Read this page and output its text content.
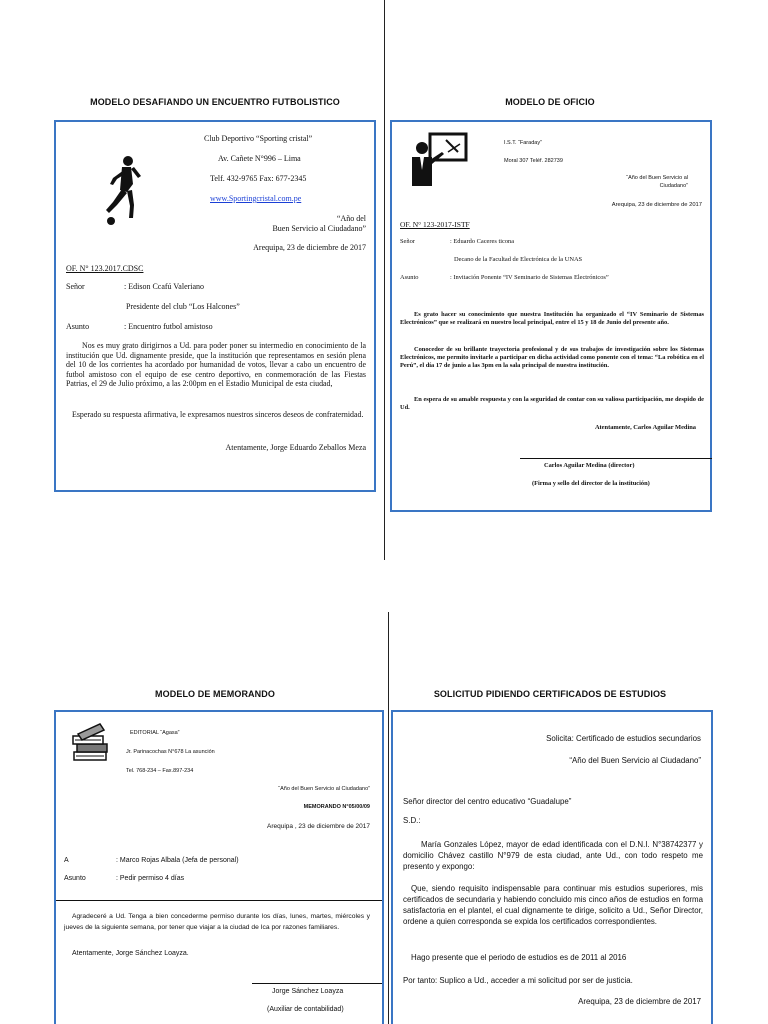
MODELO DESAFIANDO UN ENCUENTRO FUTBOLISTICO	MODELO DE OFICIO
MODELO DE MEMORANDO	SOLICITUD PIDIENDO CERTIFICADOS DE ESTUDIOS
Club Deportivo “Sporting cristal”
Av. Cañete N°996 – Lima
Telf. 432-9765 Fax: 677-2345
www.Sportingcristal.com.pe
“Año del
Buen Servicio al Ciudadano”
Arequipa, 23 de diciembre de 2017
OF. N° 123.2017.CDSC
Señor	: Edison Ccafú Valeriano
Presidente del club “Los Halcones”
Asunto	: Encuentro futbol amistoso
Nos es muy grato dirigirnos a Ud. para poder poner su intermedio en conocimiento de la institución que Ud. dignamente preside, que la institución que representamos en sesión plena del 10 de los corrientes ha acordado por humanidad de votos, llevar a cabo un encuentro de futbol amistoso con el equipo de ese centro deportivo, en conmemoración de las Fiestas Patrias, el 29 de Julio próximo, a las 2:00pm en el Estadio Municipal de esta ciudad,
Esperado su respuesta afirmativa, le expresamos nuestros sinceros deseos de confraternidad.
Atentamente, Jorge Eduardo Zeballos Meza
I.S.T. “Faraday”
Moral 307 Teléf. 282739
“Año del Buen Servicio al
Ciudadano”
Arequipa, 23 de diciembre de 2017
OF. N° 123-2017-ISTF
Señor	: Eduardo Caceres ticona
Decano de la Facultad de Electrónica de la UNAS
Asunto	: Invitación Ponente “IV Seminario de Sistemas Electrónicos”
Es grato hacer su conocimiento que nuestra Institución ha organizado el “IV Seminario de Sistemas Electrónicos” que se realizará en nuestro local principal, entre el 15 y 18 de Junio del presente año.
Conocedor de su brillante trayectoria profesional y de sus trabajos de investigación sobre los Sistemas Electrónicos, me permito invitarle a participar en dicha actividad como ponente con el tema: “La robótica en el Perú”, el día 17 de junio a las 3pm en la sala principal de nuestra institución.
En espera de su amable respuesta y con la seguridad de contar con su valiosa participación, me despido de Ud.
Atentamente, Carlos Aguilar Medina
Carlos Aguilar Medina (director)
(Firma y sello del director de la institución)
EDITORIAL “Agasa”
Jr. Parinacochas N°678 La asunción
Tel. 768-234 – Fax.897-234
“Año del Buen Servicio al Ciudadano”
MEMORANDO N°05/00/09
Arequipa , 23 de diciembre de 2017
A	: Marco Rojas Albala (Jefa de personal)
Asunto	: Pedir permiso 4 días
Agradeceré a Ud. Tenga a bien concederme permiso durante los días, lunes, martes, miércoles y jueves de la siguiente semana, por tener que viajar a la ciudad de Ica por razones familiares.
Atentamente, Jorge Sánchez Loayza.
Jorge Sánchez Loayza
(Auxiliar de contabilidad)
Solicita: Certificado de estudios secundarios
“Año del Buen Servicio al Ciudadano”
Señor director del centro educativo “Guadalupe”
S.D.:
María Gonzales López, mayor de edad identificada con el D.N.I. N°38742377 y domicilio Chávez castillo N°979 de esta ciudad, ante Ud., con todo respeto me presento y expongo:
Que, siendo requisito indispensable para continuar mis estudios superiores, mis certificados de secundaria y habiendo concluido mis cinco años de estudios en forma satisfactoria en el plantel, el cual dignamente te dirige, solicito a Ud., Señor Director, ordene a quien corresponda se expida los certificados correspondientes.
Hago presente que el periodo de estudios es de 2011 al 2016
Por tanto: Suplico a Ud., acceder a mi solicitud por ser de justicia.
Arequipa, 23 de diciembre de 2017
